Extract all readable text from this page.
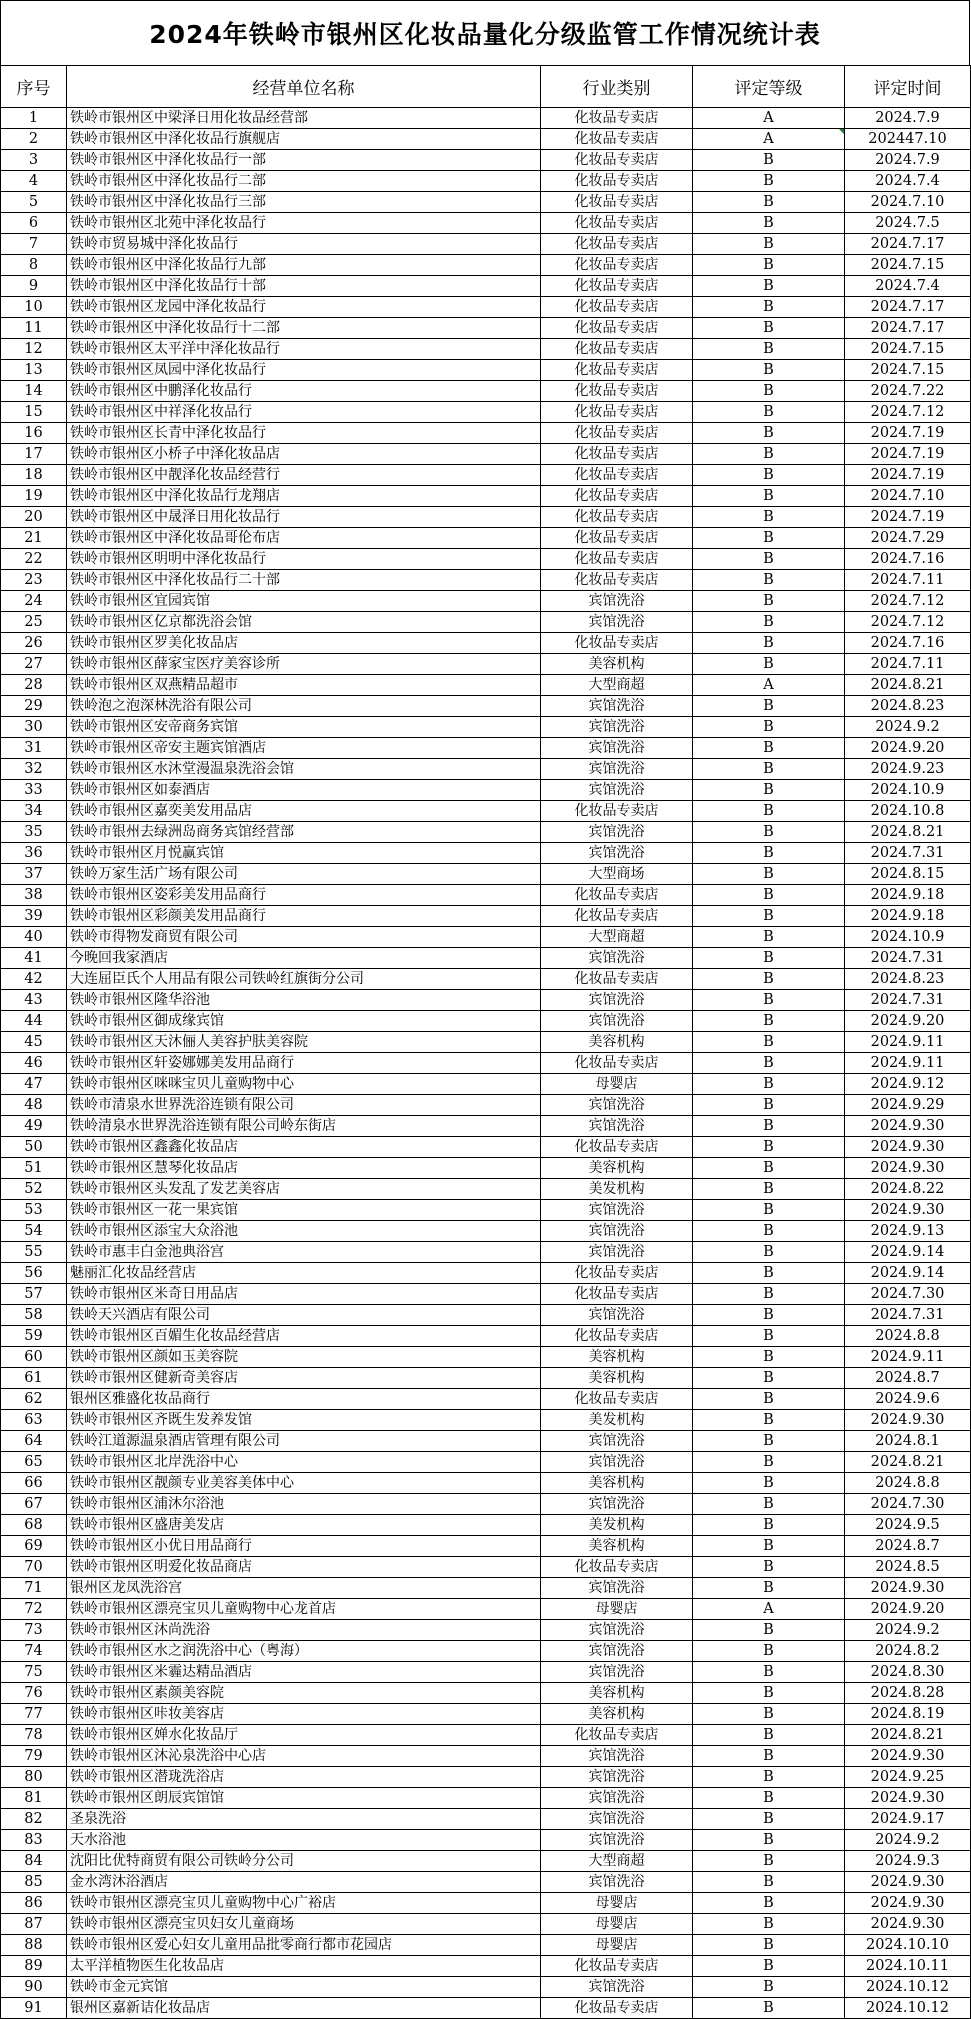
2024年铁岭市银州区化妆品量化分级监管工作情况统计表
序号	经营单位名称	行业类别	评定等级	评定时间
1	铁岭市银州区中梁泽日用化妆品经营部	化妆品专卖店	A	2024.7.9
2	铁岭市银州区中泽化妆品行旗舰店	化妆品专卖店	A	202447.10
3	铁岭市银州区中泽化妆品行一部	化妆品专卖店	B	2024.7.9
4	铁岭市银州区中泽化妆品行二部	化妆品专卖店	B	2024.7.4
5	铁岭市银州区中泽化妆品行三部	化妆品专卖店	B	2024.7.10
6	铁岭市银州区北苑中泽化妆品行	化妆品专卖店	B	2024.7.5
7	铁岭市贸易城中泽化妆品行	化妆品专卖店	B	2024.7.17
8	铁岭市银州区中泽化妆品行九部	化妆品专卖店	B	2024.7.15
9	铁岭市银州区中泽化妆品行十部	化妆品专卖店	B	2024.7.4
10	铁岭市银州区龙园中泽化妆品行	化妆品专卖店	B	2024.7.17
11	铁岭市银州区中泽化妆品行十二部	化妆品专卖店	B	2024.7.17
12	铁岭市银州区太平洋中泽化妆品行	化妆品专卖店	B	2024.7.15
13	铁岭市银州区凤园中泽化妆品行	化妆品专卖店	B	2024.7.15
14	铁岭市银州区中鹏泽化妆品行	化妆品专卖店	B	2024.7.22
15	铁岭市银州区中祥泽化妆品行	化妆品专卖店	B	2024.7.12
16	铁岭市银州区长青中泽化妆品行	化妆品专卖店	B	2024.7.19
17	铁岭市银州区小桥子中泽化妆品店	化妆品专卖店	B	2024.7.19
18	铁岭市银州区中靓泽化妆品经营行	化妆品专卖店	B	2024.7.19
19	铁岭市银州区中泽化妆品行龙翔店	化妆品专卖店	B	2024.7.10
20	铁岭市银州区中晟泽日用化妆品行	化妆品专卖店	B	2024.7.19
21	铁岭市银州区中泽化妆品哥伦布店	化妆品专卖店	B	2024.7.29
22	铁岭市银州区明明中泽化妆品行	化妆品专卖店	B	2024.7.16
23	铁岭市银州区中泽化妆品行二十部	化妆品专卖店	B	2024.7.11
24	铁岭市银州区宜园宾馆	宾馆洗浴	B	2024.7.12
25	铁岭市银州区亿京都洗浴会馆	宾馆洗浴	B	2024.7.12
26	铁岭市银州区罗美化妆品店	化妆品专卖店	B	2024.7.16
27	铁岭市银州区薛家宝医疗美容诊所	美容机构	B	2024.7.11
28	铁岭市银州区双燕精品超市	大型商超	A	2024.8.21
29	铁岭泡之泡深林洗浴有限公司	宾馆洗浴	B	2024.8.23
30	铁岭市银州区安帝商务宾馆	宾馆洗浴	B	2024.9.2
31	铁岭市银州区帝安主题宾馆酒店	宾馆洗浴	B	2024.9.20
32	铁岭市银州区水沐堂漫温泉洗浴会馆	宾馆洗浴	B	2024.9.23
33	铁岭市银州区如泰酒店	宾馆洗浴	B	2024.10.9
34	铁岭市银州区嘉奕美发用品店	化妆品专卖店	B	2024.10.8
35	铁岭市银州去绿洲岛商务宾馆经营部	宾馆洗浴	B	2024.8.21
36	铁岭市银州区月悦赢宾馆	宾馆洗浴	B	2024.7.31
37	铁岭万家生活广场有限公司	大型商场	B	2024.8.15
38	铁岭市银州区姿彩美发用品商行	化妆品专卖店	B	2024.9.18
39	铁岭市银州区彩颜美发用品商行	化妆品专卖店	B	2024.9.18
40	铁岭市得物发商贸有限公司	大型商超	B	2024.10.9
41	今晚回我家酒店	宾馆洗浴	B	2024.7.31
42	大连屈臣氏个人用品有限公司铁岭红旗街分公司	化妆品专卖店	B	2024.8.23
43	铁岭市银州区隆华浴池	宾馆洗浴	B	2024.7.31
44	铁岭市银州区御成缘宾馆	宾馆洗浴	B	2024.9.20
45	铁岭市银州区天沐俪人美容护肤美容院	美容机构	B	2024.9.11
46	铁岭市银州区轩姿娜娜美发用品商行	化妆品专卖店	B	2024.9.11
47	铁岭市银州区咪咪宝贝儿童购物中心	母婴店	B	2024.9.12
48	铁岭市清泉水世界洗浴连锁有限公司	宾馆洗浴	B	2024.9.29
49	铁岭清泉水世界洗浴连锁有限公司岭东街店	宾馆洗浴	B	2024.9.30
50	铁岭市银州区鑫鑫化妆品店	化妆品专卖店	B	2024.9.30
51	铁岭市银州区慧琴化妆品店	美容机构	B	2024.9.30
52	铁岭市银州区头发乱了发艺美容店	美发机构	B	2024.8.22
53	铁岭市银州区一花一果宾馆	宾馆洗浴	B	2024.9.30
54	铁岭市银州区添宝大众浴池	宾馆洗浴	B	2024.9.13
55	铁岭市惠丰白金池典浴宫	宾馆洗浴	B	2024.9.14
56	魅丽汇化妆品经营店	化妆品专卖店	B	2024.9.14
57	铁岭市银州区米奇日用品店	化妆品专卖店	B	2024.7.30
58	铁岭天兴酒店有限公司	宾馆洗浴	B	2024.7.31
59	铁岭市银州区百媚生化妆品经营店	化妆品专卖店	B	2024.8.8
60	铁岭市银州区颜如玉美容院	美容机构	B	2024.9.11
61	铁岭市银州区健新奇美容店	美容机构	B	2024.8.7
62	银州区雅盛化妆品商行	化妆品专卖店	B	2024.9.6
63	铁岭市银州区齐既生发养发馆	美发机构	B	2024.9.30
64	铁岭江道源温泉酒店管理有限公司	宾馆洗浴	B	2024.8.1
65	铁岭市银州区北岸洗浴中心	宾馆洗浴	B	2024.8.21
66	铁岭市银州区靓颜专业美容美体中心	美容机构	B	2024.8.8
67	铁岭市银州区浦沐尔浴池	宾馆洗浴	B	2024.7.30
68	铁岭市银州区盛唐美发店	美发机构	B	2024.9.5
69	铁岭市银州区小优日用品商行	美容机构	B	2024.8.7
70	铁岭市银州区明爱化妆品商店	化妆品专卖店	B	2024.8.5
71	银州区龙凤洗浴宫	宾馆洗浴	B	2024.9.30
72	铁岭市银州区漂亮宝贝儿童购物中心龙首店	母婴店	A	2024.9.20
73	铁岭市银州区沐尚洗浴	宾馆洗浴	B	2024.9.2
74	铁岭市银州区水之润洗浴中心（粤海）	宾馆洗浴	B	2024.8.2
75	铁岭市银州区米霾达精品酒店	宾馆洗浴	B	2024.8.30
76	铁岭市银州区素颜美容院	美容机构	B	2024.8.28
77	铁岭市银州区咔妆美容店	美容机构	B	2024.8.19
78	铁岭市银州区婵水化妆品厅	化妆品专卖店	B	2024.8.21
79	铁岭市银州区沐沁泉洗浴中心店	宾馆洗浴	B	2024.9.30
80	铁岭市银州区潜珑洗浴店	宾馆洗浴	B	2024.9.25
81	铁岭市银州区朗辰宾馆馆	宾馆洗浴	B	2024.9.30
82	圣泉洗浴	宾馆洗浴	B	2024.9.17
83	天水浴池	宾馆洗浴	B	2024.9.2
84	沈阳比优特商贸有限公司铁岭分公司	大型商超	B	2024.9.3
85	金水湾沐浴酒店	宾馆洗浴	B	2024.9.30
86	铁岭市银州区漂亮宝贝儿童购物中心广裕店	母婴店	B	2024.9.30
87	铁岭市银州区漂亮宝贝妇女儿童商场	母婴店	B	2024.9.30
88	铁岭市银州区爱心妇女儿童用品批零商行都市花园店	母婴店	B	2024.10.10
89	太平洋植物医生化妆品店	化妆品专卖店	B	2024.10.11
90	铁岭市金元宾馆	宾馆洗浴	B	2024.10.12
91	银州区嘉新诘化妆品店	化妆品专卖店	B	2024.10.12
